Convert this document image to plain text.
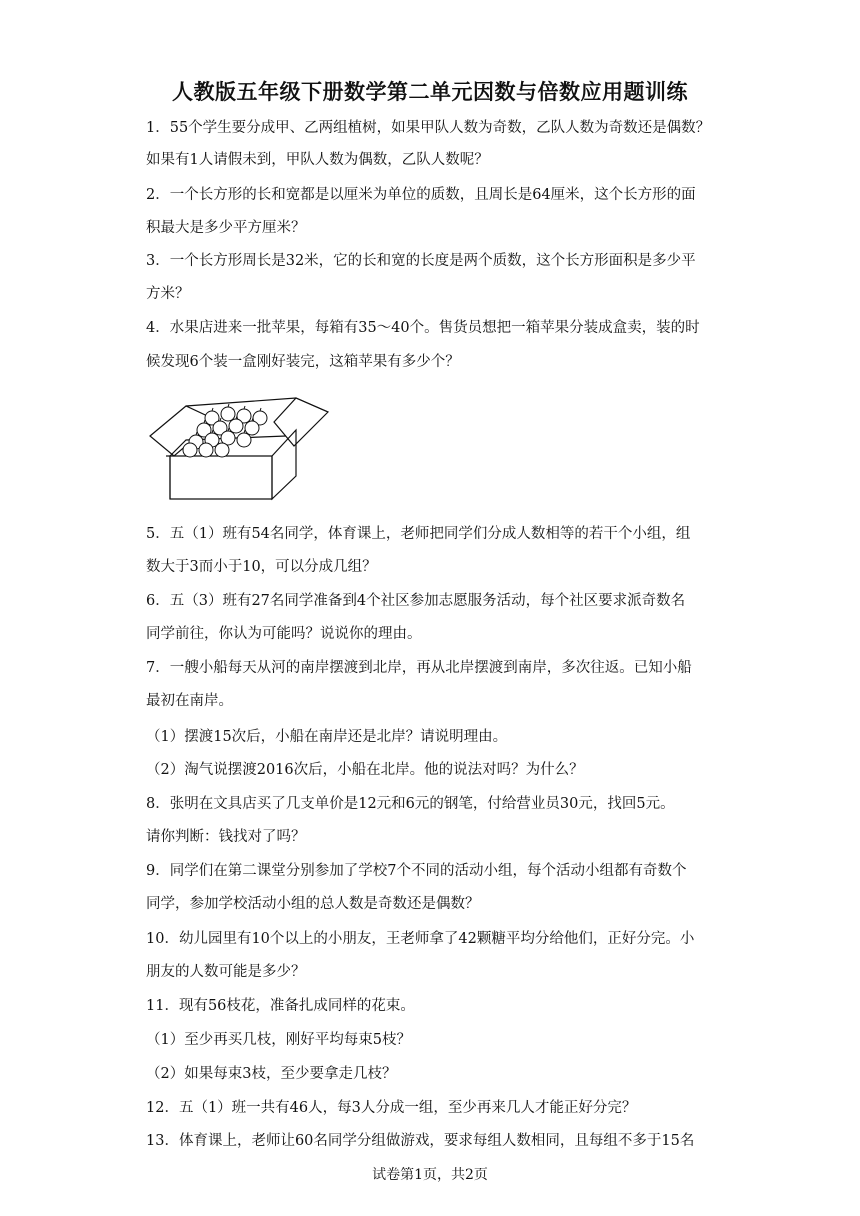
人教版五年级下册数学第二单元因数与倍数应用题训练
1．55个学生要分成甲、乙两组植树，如果甲队人数为奇数，乙队人数为奇数还是偶数？
如果有1人请假未到，甲队人数为偶数，乙队人数呢？
2．一个长方形的长和宽都是以厘米为单位的质数，且周长是64厘米，这个长方形的面
积最大是多少平方厘米？
3．一个长方形周长是32米，它的长和宽的长度是两个质数，这个长方形面积是多少平
方米？
4．水果店进来一批苹果，每箱有35～40个。售货员想把一箱苹果分装成盒卖，装的时
候发现6个装一盒刚好装完，这箱苹果有多少个？
5．五（1）班有54名同学，体育课上，老师把同学们分成人数相等的若干个小组，组
数大于3而小于10，可以分成几组？
6．五（3）班有27名同学准备到4个社区参加志愿服务活动，每个社区要求派奇数名
同学前往，你认为可能吗？说说你的理由。
7．一艘小船每天从河的南岸摆渡到北岸，再从北岸摆渡到南岸，多次往返。已知小船
最初在南岸。
（1）摆渡15次后，小船在南岸还是北岸？请说明理由。
（2）淘气说摆渡2016次后，小船在北岸。他的说法对吗？为什么？
8．张明在文具店买了几支单价是12元和6元的钢笔，付给营业员30元，找回5元。
请你判断：钱找对了吗？
9．同学们在第二课堂分别参加了学校7个不同的活动小组，每个活动小组都有奇数个
同学，参加学校活动小组的总人数是奇数还是偶数？
10．幼儿园里有10个以上的小朋友，王老师拿了42颗糖平均分给他们，正好分完。小
朋友的人数可能是多少？
11．现有56枝花，准备扎成同样的花束。
（1）至少再买几枝，刚好平均每束5枝？
（2）如果每束3枝，至少要拿走几枝？
12．五（1）班一共有46人，每3人分成一组，至少再来几人才能正好分完？
13．体育课上，老师让60名同学分组做游戏，要求每组人数相同，且每组不多于15名
试卷第1页，共2页
